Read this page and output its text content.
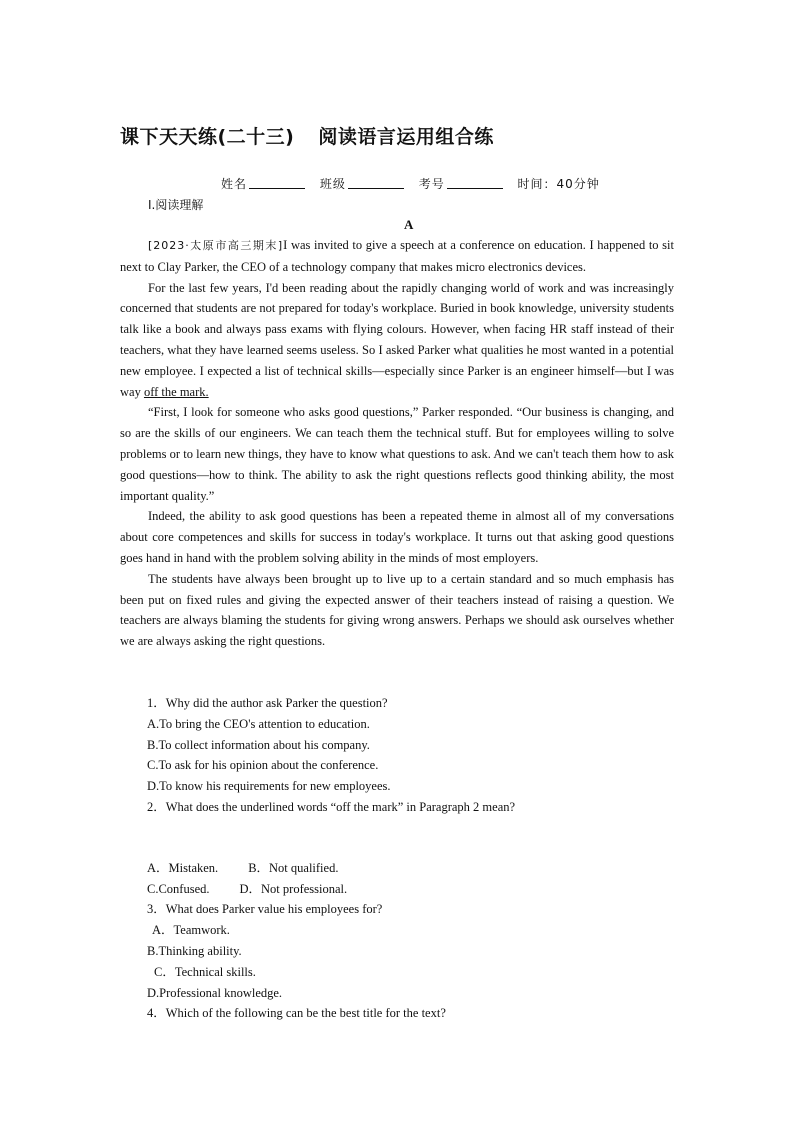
课下天天练(二十三) 阅读语言运用组合练
姓名	班级	考号	时间：40分钟
Ⅰ.阅读理解
A

[2023·太原市高三期末]I was invited to give a speech at a conference on education. I happened to sit next to Clay Parker, the CEO of a technology company that makes micro electronics devices.

For the last few years, I'd been reading about the rapidly changing world of work and was increasingly concerned that students are not prepared for today's workplace. Buried in book knowledge, university students talk like a book and always pass exams with flying colours. However, when facing HR staff instead of their teachers, what they have learned seems useless. So I asked Parker what qualities he most wanted in a potential new employee. I expected a list of technical skills—especially since Parker is an engineer himself—but I was way off the mark.

“First, I look for someone who asks good questions,” Parker responded. “Our business is changing, and so are the skills of our engineers. We can teach them the technical stuff. But for employees willing to solve problems or to learn new things, they have to know what questions to ask. And we can't teach them how to ask good questions—how to think. The ability to ask the right questions reflects good thinking ability, the most important quality.”

Indeed, the ability to ask good questions has been a repeated theme in almost all of my conversations about core competences and skills for success in today's workplace. It turns out that asking good questions goes hand in hand with the problem solving ability in the minds of most employers.

The students have always been brought up to live up to a certain standard and so much emphasis has been put on fixed rules and giving the expected answer of their teachers instead of raising a question. We teachers are always blaming the students for giving wrong answers. Perhaps we should ask ourselves whether we are always asking the right questions.

1．Why did the author ask Parker the question?
A.To bring the CEO's attention to education.
B.To collect information about his company.
C.To ask for his opinion about the conference.
D.To know his requirements for new employees.
2．What does the underlined words “off the mark” in Paragraph 2 mean?
A．Mistaken. B．Not qualified.
C.Confused. D．Not professional.
3．What does Parker value his employees for?
A．Teamwork.
B.Thinking ability.
C．Technical skills.
D.Professional knowledge.
4．Which of the following can be the best title for the text?
